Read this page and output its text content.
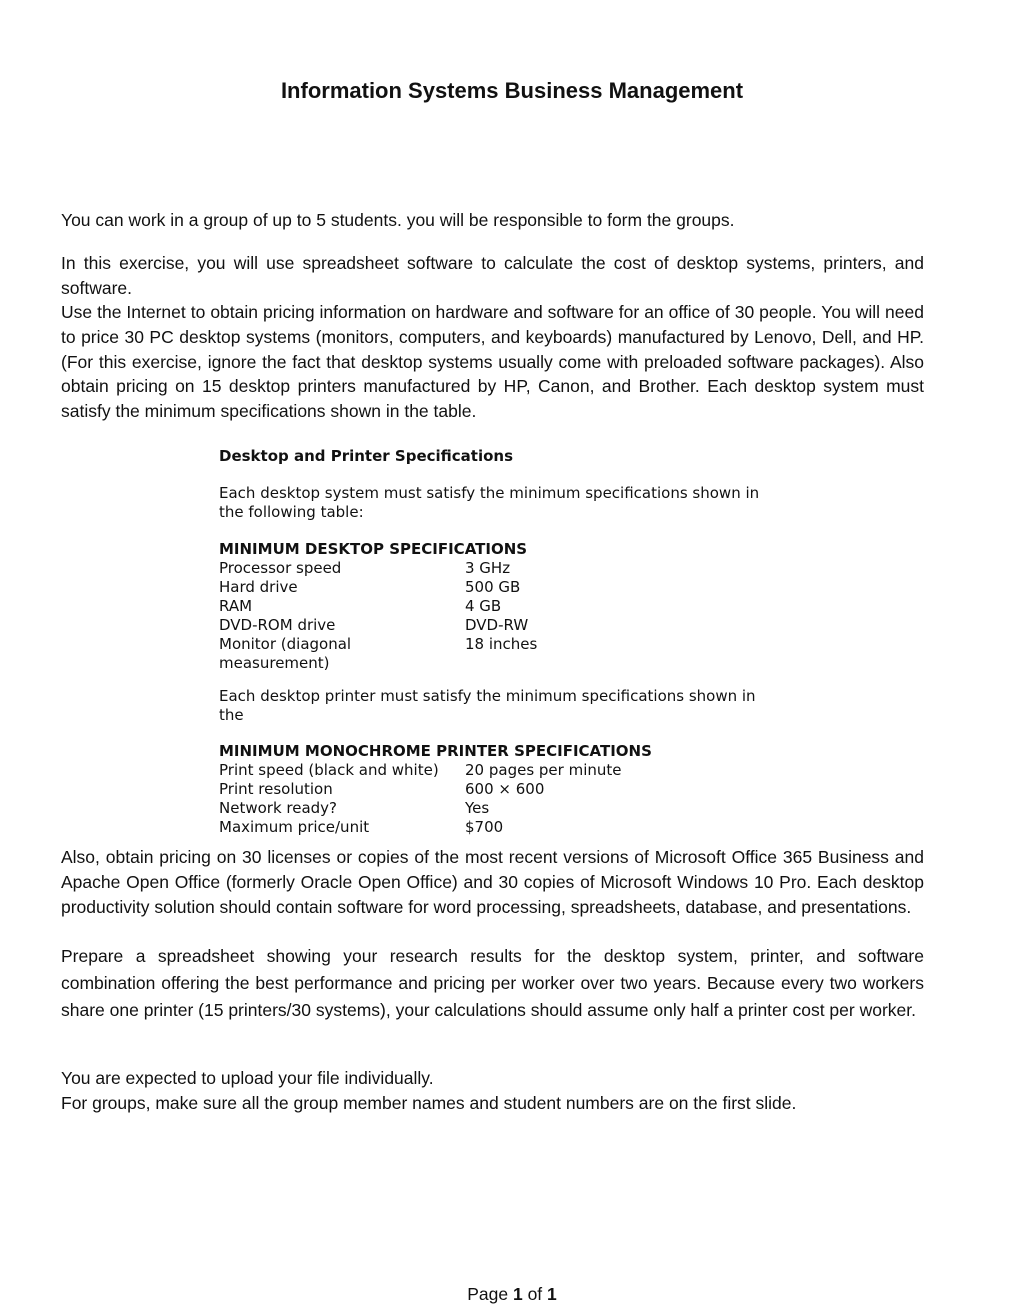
Information Systems Business Management

You can work in a group of up to 5 students. you will be responsible to form the groups.

In this exercise, you will use spreadsheet software to calculate the cost of desktop systems, printers, and software.

Use the Internet to obtain pricing information on hardware and software for an office of 30 people. You will need to price 30 PC desktop systems (monitors, computers, and keyboards) manufactured by Lenovo, Dell, and HP. (For this exercise, ignore the fact that desktop systems usually come with preloaded software packages). Also obtain pricing on 15 desktop printers manufactured by HP, Canon, and Brother. Each desktop system must satisfy the minimum specifications shown in the table.

Desktop and Printer Specifications

Each desktop system must satisfy the minimum specifications shown in the following table:

MINIMUM DESKTOP SPECIFICATIONS

Processor speed	3 GHz
Hard drive	500 GB
RAM	4 GB
DVD-ROM drive	DVD-RW
Monitor (diagonal measurement)	18 inches

Each desktop printer must satisfy the minimum specifications shown in the

MINIMUM MONOCHROME PRINTER SPECIFICATIONS

Print speed (black and white)	20 pages per minute
Print resolution	600 × 600
Network ready?	Yes
Maximum price/unit	$700

Also, obtain pricing on 30 licenses or copies of the most recent versions of Microsoft Office 365 Business and Apache Open Office (formerly Oracle Open Office) and 30 copies of Microsoft Windows 10 Pro. Each desktop productivity solution should contain software for word processing, spreadsheets, database, and presentations.

Prepare a spreadsheet showing your research results for the desktop system, printer, and software combination offering the best performance and pricing per worker over two years. Because every two workers share one printer (15 printers/30 systems), your calculations should assume only half a printer cost per worker.

You are expected to upload your file individually.

For groups, make sure all the group member names and student numbers are on the first slide.

Page 1 of 1
